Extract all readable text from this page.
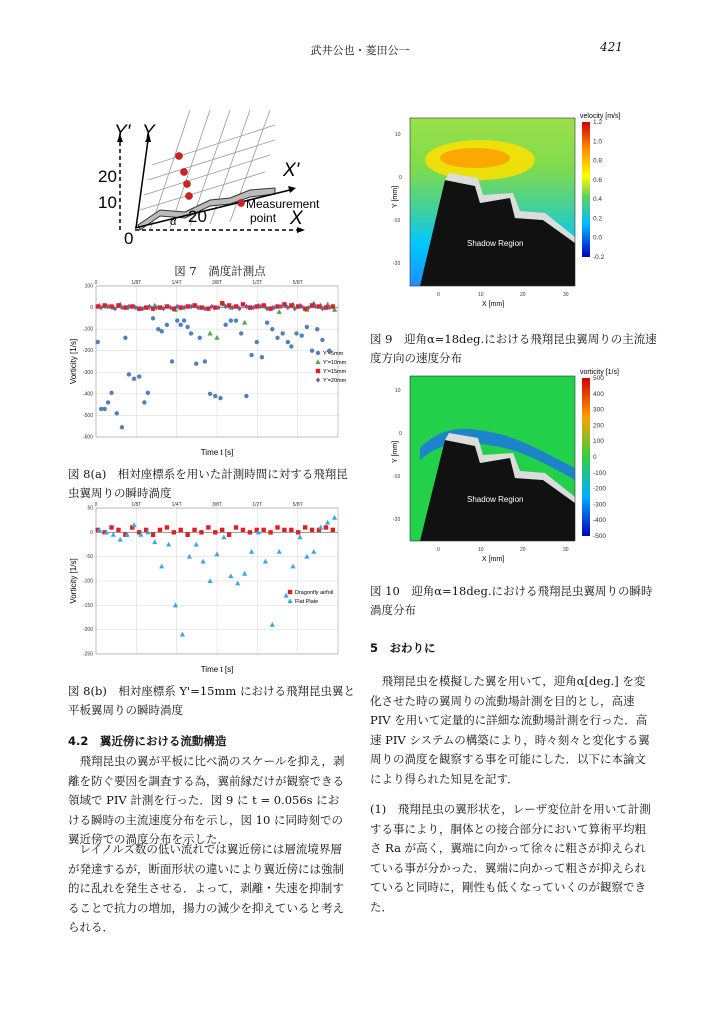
武井公也・菱田公一	421
Y' Y
X'
X
0
10
20
20
α
Measurement
point
図 7　渦度計測点
100
0
-100
-200
-300
-400
-500
-600
0	1/8T	1/4T	3/8T	1/2T	5/8T
Time t [s]
Vorticity [1/s]	Y'=5mm
Y'=10mm
Y'=15mm
Y'=20mm
図 8(a)　相対座標系を用いた計測時間に対する飛翔昆虫翼周りの瞬時渦度
50
0
-50
-100
-150
-200
-250
0	1/8T	1/4T	3/8T	1/2T	5/8T
Time t [s]
Vorticity [1/s]	Dragonfly airfoil
Flat Plate
図 8(b)　相対座標系 Y'=15mm における飛翔昆虫翼と平板翼周りの瞬時渦度
4.2　翼近傍における流動構造

飛翔昆虫の翼が平板に比べ渦のスケールを抑え，剥離を防ぐ要因を調査する為，翼前縁だけが観察できる領域で PIV 計測を行った．図 9 に t = 0.056s における瞬時の主流速度分布を示し，図 10 に同時刻での翼近傍での渦度分布を示した．

レイノルズ数の低い流れでは翼近傍には層流境界層が発達するが，断面形状の違いにより翼近傍には強制的に乱れを発生させる．よって，剥離・失速を抑制することで抗力の増加，揚力の減少を抑えていると考えられる．

Shadow Region
10
0
-10
-20
0	10	20	30
X [mm]
Y [mm]
velocity [m/s]
1.2
1.0
0.8
0.6
0.4
0.2
0.0
-0.2
図 9　迎角α=18deg.における飛翔昆虫翼周りの主流速度方向の速度分布
Shadow Region
10
0
-10
-20
0	10	20	30
X [mm]
Y [mm]
vorticity [1/s]
500
400
300
200
100
0
-100
-200
-300
-400
-500
図 10　迎角α=18deg.における飛翔昆虫翼周りの瞬時渦度分布
5　おわりに

飛翔昆虫を模擬した翼を用いて，迎角α[deg.] を変化させた時の翼周りの流動場計測を目的とし，高速 PIV を用いて定量的に詳細な流動場計測を行った．高速 PIV システムの構築により，時々刻々と変化する翼周りの渦度を観察する事を可能にした．以下に本論文により得られた知見を記す．

(1)　飛翔昆虫の翼形状を，レーザ変位計を用いて計測する事により，胴体との接合部分において算術平均粗さ Ra が高く，翼端に向かって徐々に粗さが抑えられている事が分かった．翼端に向かって粗さが抑えられていると同時に，剛性も低くなっていくのが観察できた．
